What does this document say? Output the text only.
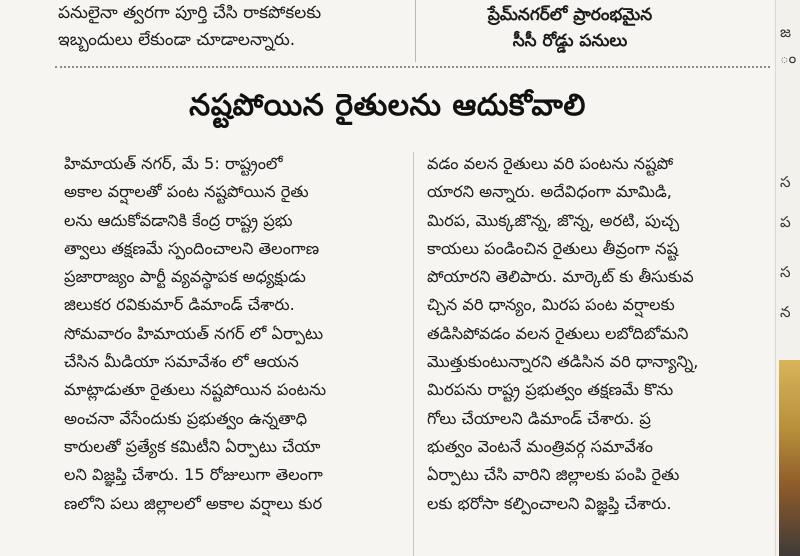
పనులైనా త్వరగా పూర్తి చేసి రాకపోకలకు

ఇబ్బందులు లేకుండా చూడాలన్నారు.

ప్రేమ్‌నగర్‌లో ప్రారంభమైన

సీసీ రోడ్డు పనులు

నష్టపోయిన రైతులను ఆదుకోవాలి

హిమాయత్ నగర్, మే 5: రాష్ట్రంలో

అకాల వర్షాలతో పంట నష్టపోయిన రైతు

లను ఆదుకోవడానికి కేంద్ర రాష్ట్ర ప్రభు

త్వాలు తక్షణమే స్పందించాలని తెలంగాణ

ప్రజారాజ్యం పార్టీ వ్యవస్థాపక అధ్యక్షుడు

జిలుకర రవికుమార్ డిమాండ్ చేశారు.

సోమవారం హిమాయత్ నగర్ లో ఏర్పాటు

చేసిన మీడియా సమావేశం లో ఆయన

మాట్లాడుతూ రైతులు నష్టపోయిన పంటను

అంచనా వేసేందుకు ప్రభుత్వం ఉన్నతాధి

కారులతో ప్రత్యేక కమిటీని ఏర్పాటు చేయా

లని విజ్ఞప్తి చేశారు. 15 రోజులుగా తెలంగా

ణలోని పలు జిల్లాలలో అకాల వర్షాలు కుర

వడం వలన రైతులు వరి పంటను నష్టపో

యారని అన్నారు. అదేవిధంగా మామిడి,

మిరప, మొక్కజొన్న, జొన్న, అరటి, పుచ్చ

కాయలు పండించిన రైతులు తీవ్రంగా నష్ట

పోయారని తెలిపారు. మార్కెట్ కు తీసుకువ

చ్చిన వరి ధాన్యం, మిరప పంట వర్షాలకు

తడిసిపోవడం వలన రైతులు లబోదిబోమని

మొత్తుకుంటున్నారని తడిసిన వరి ధాన్యాన్ని,

మిరపను రాష్ట్ర ప్రభుత్వం తక్షణమే కొను

గోలు చేయాలని డిమాండ్ చేశారు. ప్ర

భుత్వం వెంటనే మంత్రివర్గ సమావేశం

ఏర్పాటు చేసి వారిని జిల్లాలకు పంపి రైతు

లకు భరోసా కల్పించాలని విజ్ఞప్తి చేశారు.

జ
ం
స
ప
స
న
